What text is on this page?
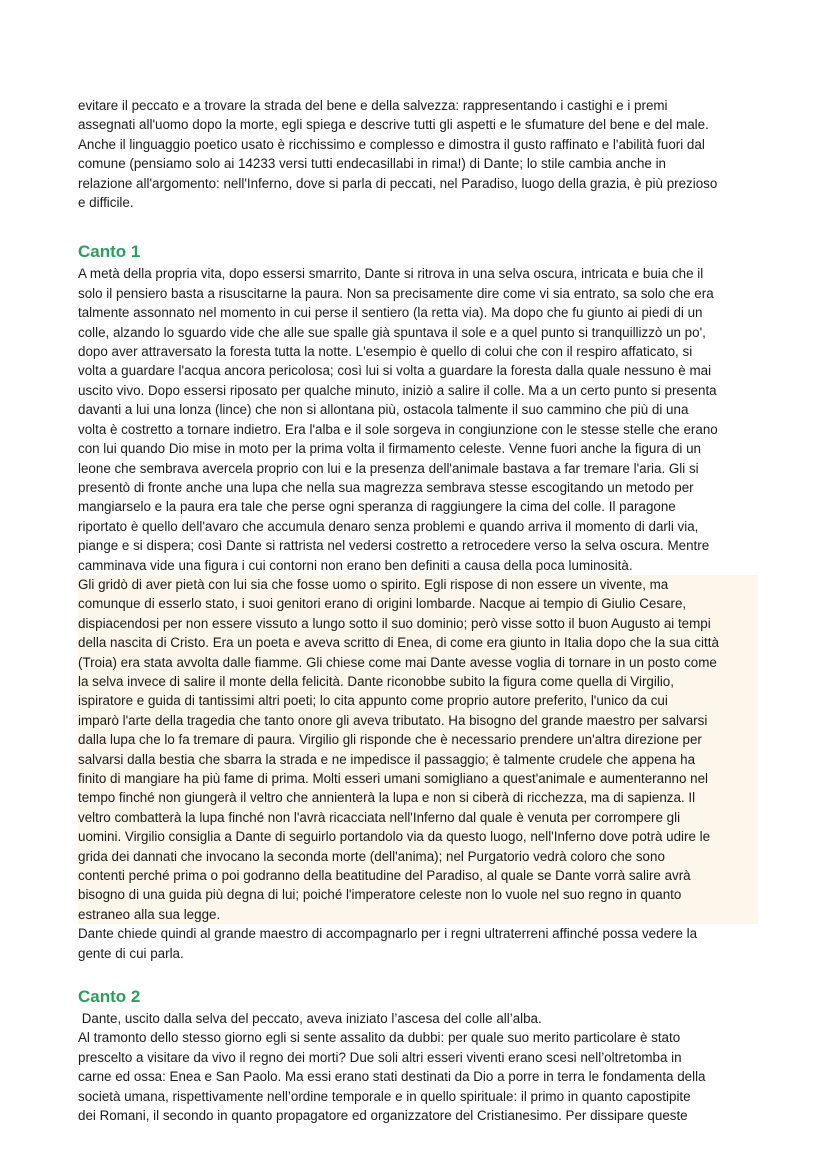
evitare il peccato e a trovare la strada del bene e della salvezza: rappresentando i castighi e i premi
assegnati all'uomo dopo la morte, egli spiega e descrive tutti gli aspetti e le sfumature del bene e del male.
Anche il linguaggio poetico usato è ricchissimo e complesso e dimostra il gusto raffinato e l'abilità fuori dal
comune (pensiamo solo ai 14233 versi tutti endecasillabi in rima!) di Dante; lo stile cambia anche in
relazione all'argomento: nell'Inferno, dove si parla di peccati, nel Paradiso, luogo della grazia, è più prezioso
e difficile.

Canto 1

A metà della propria vita, dopo essersi smarrito, Dante si ritrova in una selva oscura, intricata e buia che il
solo il pensiero basta a risuscitarne la paura. Non sa precisamente dire come vi sia entrato, sa solo che era
talmente assonnato nel momento in cui perse il sentiero (la retta via). Ma dopo che fu giunto ai piedi di un
colle, alzando lo sguardo vide che alle sue spalle già spuntava il sole e a quel punto si tranquillizzò un po',
dopo aver attraversato la foresta tutta la notte. L'esempio è quello di colui che con il respiro affaticato, si
volta a guardare l'acqua ancora pericolosa; così lui si volta a guardare la foresta dalla quale nessuno è mai
uscito vivo. Dopo essersi riposato per qualche minuto, iniziò a salire il colle. Ma a un certo punto si presenta
davanti a lui una lonza (lince) che non si allontana più, ostacola talmente il suo cammino che più di una
volta è costretto a tornare indietro. Era l'alba e il sole sorgeva in congiunzione con le stesse stelle che erano
con lui quando Dio mise in moto per la prima volta il firmamento celeste. Venne fuori anche la figura di un
leone che sembrava avercela proprio con lui e la presenza dell'animale bastava a far tremare l'aria. Gli si
presentò di fronte anche una lupa che nella sua magrezza sembrava stesse escogitando un metodo per
mangiarselo e la paura era tale che perse ogni speranza di raggiungere la cima del colle. Il paragone
riportato è quello dell'avaro che accumula denaro senza problemi e quando arriva il momento di darli via,
piange e si dispera; così Dante si rattrista nel vedersi costretto a retrocedere verso la selva oscura. Mentre
camminava vide una figura i cui contorni non erano ben definiti a causa della poca luminosità.

Gli gridò di aver pietà con lui sia che fosse uomo o spirito. Egli rispose di non essere un vivente, ma
comunque di esserlo stato, i suoi genitori erano di origini lombarde. Nacque ai tempio di Giulio Cesare,
dispiacendosi per non essere vissuto a lungo sotto il suo dominio; però visse sotto il buon Augusto ai tempi
della nascita di Cristo. Era un poeta e aveva scritto di Enea, di come era giunto in Italia dopo che la sua città
(Troia) era stata avvolta dalle fiamme. Gli chiese come mai Dante avesse voglia di tornare in un posto come
la selva invece di salire il monte della felicità. Dante riconobbe subito la figura come quella di Virgilio,
ispiratore e guida di tantissimi altri poeti; lo cita appunto come proprio autore preferito, l'unico da cui
imparò l'arte della tragedia che tanto onore gli aveva tributato. Ha bisogno del grande maestro per salvarsi
dalla lupa che lo fa tremare di paura. Virgilio gli risponde che è necessario prendere un'altra direzione per
salvarsi dalla bestia che sbarra la strada e ne impedisce il passaggio; è talmente crudele che appena ha
finito di mangiare ha più fame di prima. Molti esseri umani somigliano a quest'animale e aumenteranno nel
tempo finché non giungerà il veltro che annienterà la lupa e non si ciberà di ricchezza, ma di sapienza. Il
veltro combatterà la lupa finché non l'avrà ricacciata nell'Inferno dal quale è venuta per corrompere gli
uomini. Virgilio consiglia a Dante di seguirlo portandolo via da questo luogo, nell'Inferno dove potrà udire le
grida dei dannati che invocano la seconda morte (dell'anima); nel Purgatorio vedrà coloro che sono
contenti perché prima o poi godranno della beatitudine del Paradiso, al quale se Dante vorrà salire avrà
bisogno di una guida più degna di lui; poiché l'imperatore celeste non lo vuole nel suo regno in quanto
estraneo alla sua legge.

Dante chiede quindi al grande maestro di accompagnarlo per i regni ultraterreni affinché possa vedere la
gente di cui parla.

Canto 2

Dante, uscito dalla selva del peccato, aveva iniziato l’ascesa del colle all’alba.
Al tramonto dello stesso giorno egli si sente assalito da dubbi: per quale suo merito particolare è stato
prescelto a visitare da vivo il regno dei morti? Due soli altri esseri viventi erano scesi nell’oltretomba in
carne ed ossa: Enea e San Paolo. Ma essi erano stati destinati da Dio a porre in terra le fondamenta della
società umana, rispettivamente nell’ordine temporale e in quello spirituale: il primo in quanto capostipite
dei Romani, il secondo in quanto propagatore ed organizzatore del Cristianesimo. Per dissipare queste
